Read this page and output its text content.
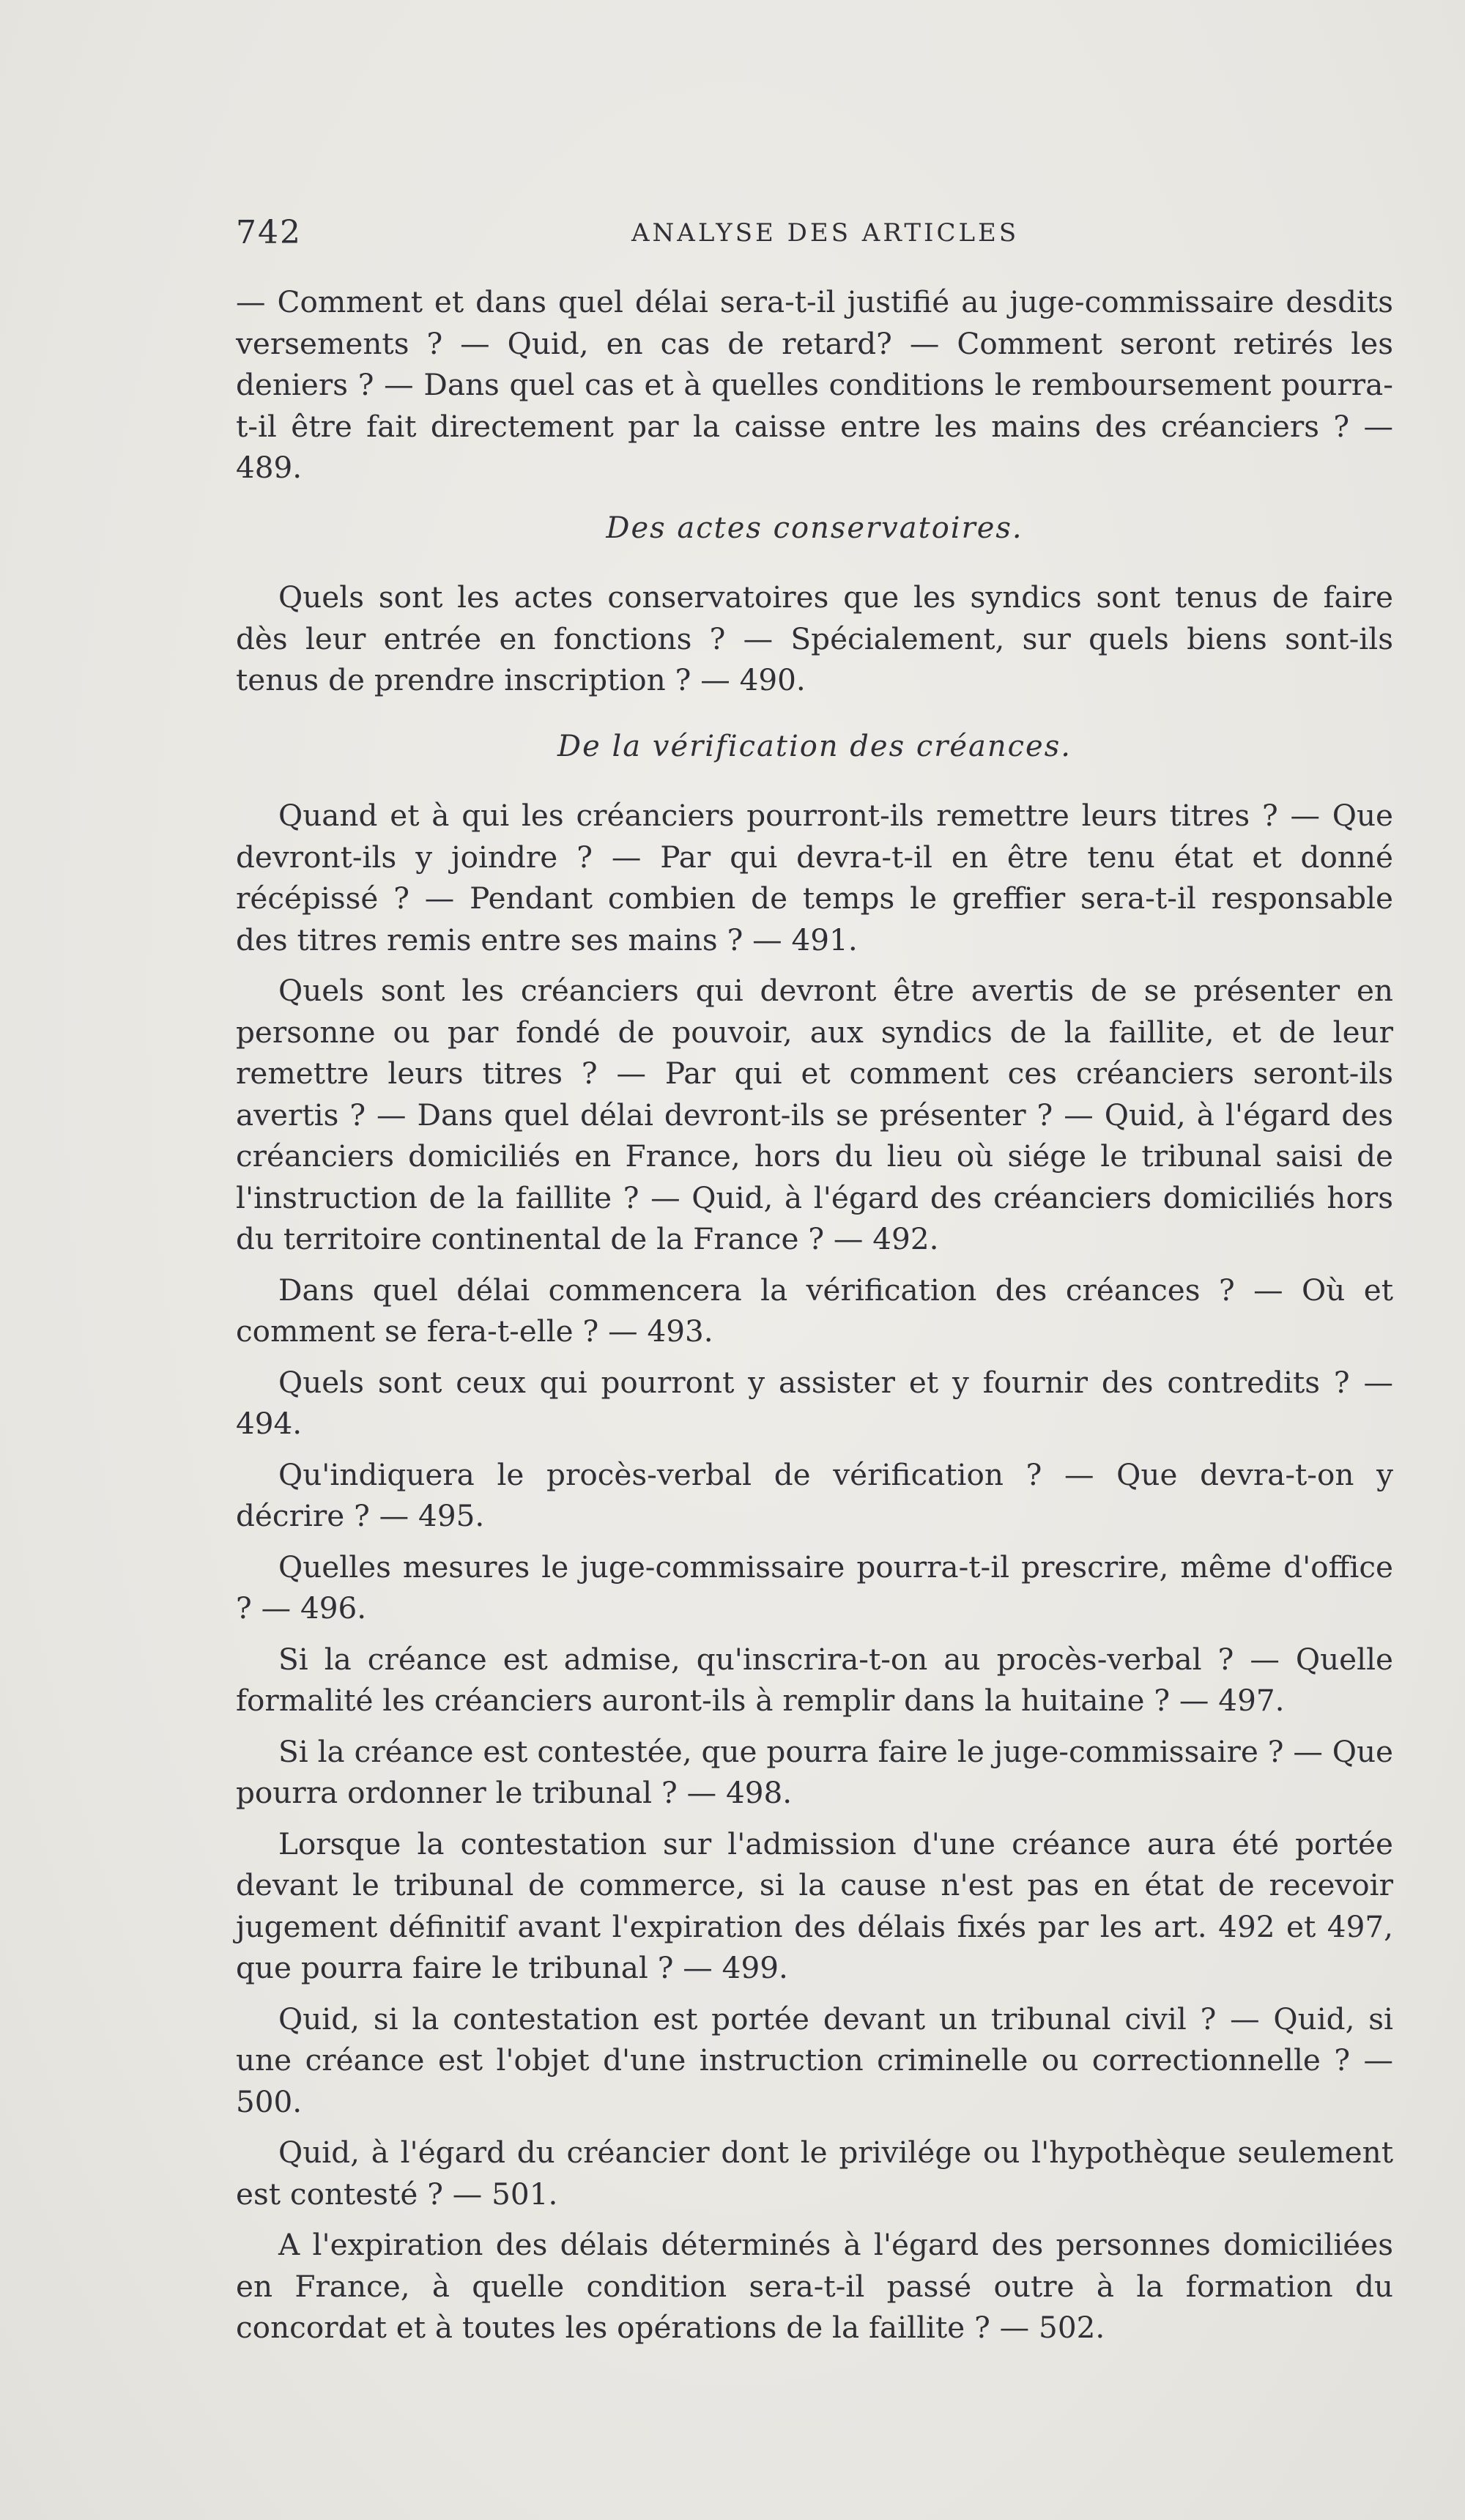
742	ANALYSE DES ARTICLES

— Comment et dans quel délai sera-t-il justifié au juge-commissaire desdits versements ? — Quid, en cas de retard? — Comment seront retirés les deniers ? — Dans quel cas et à quelles conditions le remboursement pourra-t-il être fait directement par la caisse entre les mains des créanciers ? — 489.

Des actes conservatoires.

Quels sont les actes conservatoires que les syndics sont tenus de faire dès leur entrée en fonctions ? — Spécialement, sur quels biens sont-ils tenus de prendre inscription ? — 490.

De la vérification des créances.

Quand et à qui les créanciers pourront-ils remettre leurs titres ? — Que devront-ils y joindre ? — Par qui devra-t-il en être tenu état et donné récépissé ? — Pendant combien de temps le greffier sera-t-il responsable des titres remis entre ses mains ? — 491.

Quels sont les créanciers qui devront être avertis de se présenter en personne ou par fondé de pouvoir, aux syndics de la faillite, et de leur remettre leurs titres ? — Par qui et comment ces créanciers seront-ils avertis ? — Dans quel délai devront-ils se présenter ? — Quid, à l'égard des créanciers domiciliés en France, hors du lieu où siége le tribunal saisi de l'instruction de la faillite ? — Quid, à l'égard des créanciers domiciliés hors du territoire continental de la France ? — 492.

Dans quel délai commencera la vérification des créances ? — Où et comment se fera-t-elle ? — 493.

Quels sont ceux qui pourront y assister et y fournir des contredits ? — 494.

Qu'indiquera le procès-verbal de vérification ? — Que devra-t-on y décrire ? — 495.

Quelles mesures le juge-commissaire pourra-t-il prescrire, même d'office ? — 496.

Si la créance est admise, qu'inscrira-t-on au procès-verbal ? — Quelle formalité les créanciers auront-ils à remplir dans la huitaine ? — 497.

Si la créance est contestée, que pourra faire le juge-commissaire ? — Que pourra ordonner le tribunal ? — 498.

Lorsque la contestation sur l'admission d'une créance aura été portée devant le tribunal de commerce, si la cause n'est pas en état de recevoir jugement définitif avant l'expiration des délais fixés par les art. 492 et 497, que pourra faire le tribunal ? — 499.

Quid, si la contestation est portée devant un tribunal civil ? — Quid, si une créance est l'objet d'une instruction criminelle ou correctionnelle ? — 500.

Quid, à l'égard du créancier dont le privilége ou l'hypothèque seulement est contesté ? — 501.

A l'expiration des délais déterminés à l'égard des personnes domiciliées en France, à quelle condition sera-t-il passé outre à la formation du concordat et à toutes les opérations de la faillite ? — 502.
